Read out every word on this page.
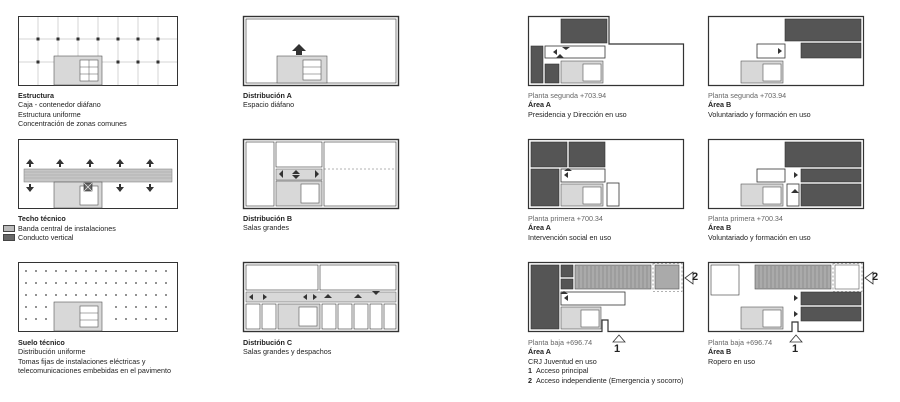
Estructura
Caja - contenedor diáfano
Estructura uniforme
Concentración de zonas comunes
Techo técnico
Banda central de instalaciones
Conducto vertical
Suelo técnico
Distribución uniforme
Tomas fijas de instalaciones eléctricas y
telecomunicaciones embebidas en el pavimento
Distribución A
Espacio diáfano
Distribución B
Salas grandes
Distribución C
Salas grandes y despachos
Planta segunda +703.94
Área A
Presidencia y Dirección en uso
Planta primera +700.34
Área A
Intervención social en uso
1
2
Planta baja +696.74
Área A
CRJ Juventud en uso
1 Acceso principal
2 Acceso independiente (Emergencia y socorro)
Planta segunda +703.94
Área B
Voluntariado y formación en uso
Planta primera +700.34
Área B
Voluntariado y formación en uso
1
2
Planta baja +696.74
Área B
Ropero en uso
